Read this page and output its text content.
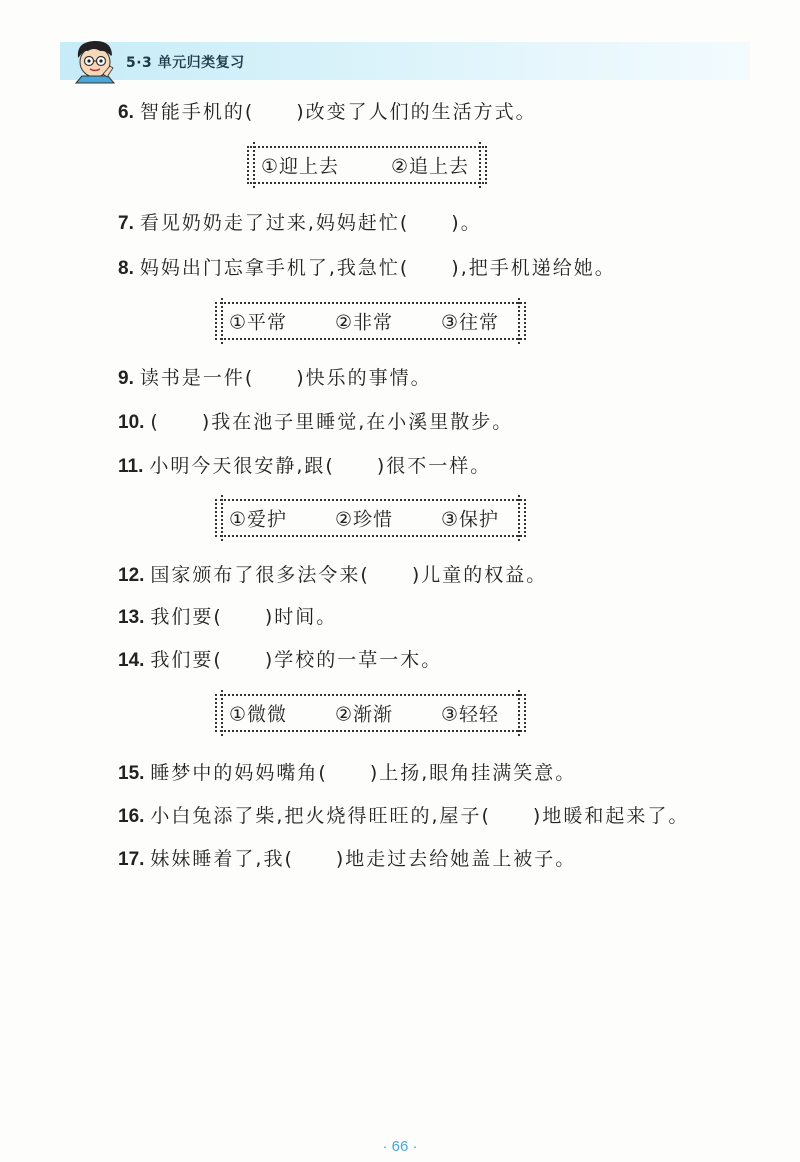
5·3 单元归类复习
6. 智能手机的(　　)改变了人们的生活方式。
①迎上去	②追上去
7. 看见奶奶走了过来,妈妈赶忙(　　)。
8. 妈妈出门忘拿手机了,我急忙(　　),把手机递给她。
①平常	②非常	③往常
9. 读书是一件(　　)快乐的事情。
10. (　　)我在池子里睡觉,在小溪里散步。
11. 小明今天很安静,跟(　　)很不一样。
①爱护	②珍惜	③保护
12. 国家颁布了很多法令来(　　)儿童的权益。
13. 我们要(　　)时间。
14. 我们要(　　)学校的一草一木。
①微微	②渐渐	③轻轻
15. 睡梦中的妈妈嘴角(　　)上扬,眼角挂满笑意。
16. 小白兔添了柴,把火烧得旺旺的,屋子(　　)地暖和起来了。
17. 妹妹睡着了,我(　　)地走过去给她盖上被子。
· 66 ·
